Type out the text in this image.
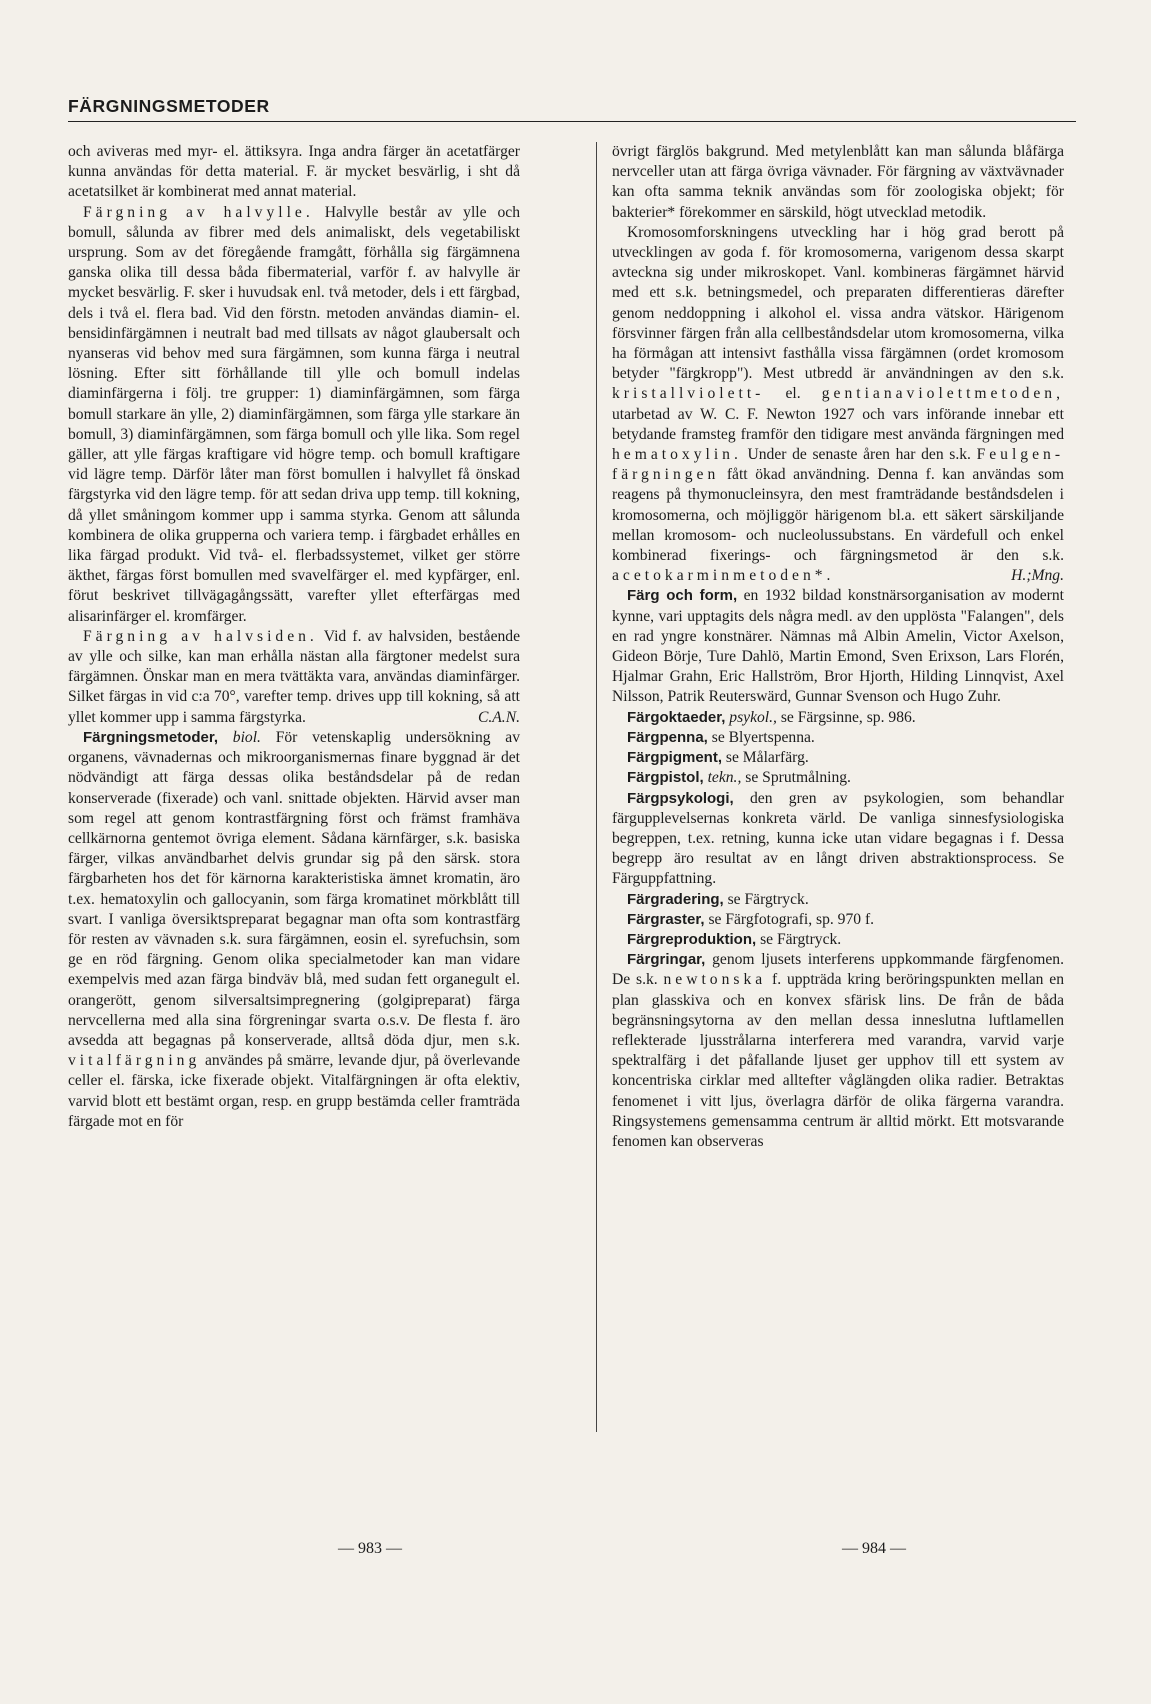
FÄRGNINGSMETODER

och aviveras med myr- el. ättiksyra. Inga andra färger än acetatfärger kunna användas för detta material. F. är mycket besvärlig, i sht då acetatsilket är kombinerat med annat material.

Färgning av halvylle. Halvylle består av ylle och bomull, sålunda av fibrer med dels animaliskt, dels vegetabiliskt ursprung. Som av det föregående framgått, förhålla sig färgämnena ganska olika till dessa båda fibermaterial, varför f. av halvylle är mycket besvärlig. F. sker i huvudsak enl. två metoder, dels i ett färgbad, dels i två el. flera bad. Vid den förstn. metoden användas diamin- el. bensidinfärgämnen i neutralt bad med tillsats av något glaubersalt och nyanseras vid behov med sura färgämnen, som kunna färga i neutral lösning. Efter sitt förhållande till ylle och bomull indelas diaminfärgerna i följ. tre grupper: 1) diaminfärgämnen, som färga bomull starkare än ylle, 2) diaminfärgämnen, som färga ylle starkare än bomull, 3) diaminfärgämnen, som färga bomull och ylle lika. Som regel gäller, att ylle färgas kraftigare vid högre temp. och bomull kraftigare vid lägre temp. Därför låter man först bomullen i halvyllet få önskad färgstyrka vid den lägre temp. för att sedan driva upp temp. till kokning, då yllet småningom kommer upp i samma styrka. Genom att sålunda kombinera de olika grupperna och variera temp. i färgbadet erhålles en lika färgad produkt. Vid två- el. flerbadssystemet, vilket ger större äkthet, färgas först bomullen med svavelfärger el. med kypfärger, enl. förut beskrivet tillvägagångssätt, varefter yllet efterfärgas med alisarinfärger el. kromfärger.

Färgning av halvsiden. Vid f. av halvsiden, bestående av ylle och silke, kan man erhålla nästan alla färgtoner medelst sura färgämnen. Önskar man en mera tvättäkta vara, användas diaminfärger. Silket färgas in vid c:a 70°, varefter temp. drives upp till kokning, så att yllet kommer upp i samma färgstyrka.	C.A.N.

Färgningsmetoder, biol. För vetenskaplig undersökning av organens, vävnadernas och mikroorganismernas finare byggnad är det nödvändigt att färga dessas olika beståndsdelar på de redan konserverade (fixerade) och vanl. snittade objekten. Härvid avser man som regel att genom kontrastfärgning först och främst framhäva cellkärnorna gentemot övriga element. Sådana kärnfärger, s.k. basiska färger, vilkas användbarhet delvis grundar sig på den särsk. stora färgbarheten hos det för kärnorna karakteristiska ämnet kromatin, äro t.ex. hematoxylin och gallocyanin, som färga kromatinet mörkblått till svart. I vanliga översiktspreparat begagnar man ofta som kontrastfärg för resten av vävnaden s.k. sura färgämnen, eosin el. syrefuchsin, som ge en röd färgning. Genom olika specialmetoder kan man vidare exempelvis med azan färga bindväv blå, med sudan fett organegult el. orangerött, genom silversaltsimpregnering (golgipreparat) färga nervcellerna med alla sina förgreningar svarta o.s.v. De flesta f. äro avsedda att begagnas på konserverade, alltså döda djur, men s.k. vitalfärgning användes på smärre, levande djur, på överlevande celler el. färska, icke fixerade objekt. Vitalfärgningen är ofta elektiv, varvid blott ett bestämt organ, resp. en grupp bestämda celler framträda färgade mot en för

övrigt färglös bakgrund. Med metylenblått kan man sålunda blåfärga nervceller utan att färga övriga vävnader. För färgning av växtvävnader kan ofta samma teknik användas som för zoologiska objekt; för bakterier* förekommer en särskild, högt utvecklad metodik.

Kromosomforskningens utveckling har i hög grad berott på utvecklingen av goda f. för kromosomerna, varigenom dessa skarpt avteckna sig under mikroskopet. Vanl. kombineras färgämnet härvid med ett s.k. betningsmedel, och preparaten differentieras därefter genom neddoppning i alkohol el. vissa andra vätskor. Härigenom försvinner färgen från alla cellbeståndsdelar utom kromosomerna, vilka ha förmågan att intensivt fasthålla vissa färgämnen (ordet kromosom betyder "färgkropp"). Mest utbredd är användningen av den s.k. kristallviolett- el. gentianaviolettmetoden, utarbetad av W. C. F. Newton 1927 och vars införande innebar ett betydande framsteg framför den tidigare mest använda färgningen med hematoxylin. Under de senaste åren har den s.k. Feulgen-färgningen fått ökad användning. Denna f. kan användas som reagens på thymonucleinsyra, den mest framträdande beståndsdelen i kromosomerna, och möjliggör härigenom bl.a. ett säkert särskiljande mellan kromosom- och nucleolussubstans. En värdefull och enkel kombinerad fixerings- och färgningsmetod är den s.k. acetokarminmetoden*.	H.;Mng.

Färg och form, en 1932 bildad konstnärsorganisation av modernt kynne, vari upptagits dels några medl. av den upplösta "Falangen", dels en rad yngre konstnärer. Nämnas må Albin Amelin, Victor Axelson, Gideon Börje, Ture Dahlö, Martin Emond, Sven Erixson, Lars Florén, Hjalmar Grahn, Eric Hallström, Bror Hjorth, Hilding Linnqvist, Axel Nilsson, Patrik Reuterswärd, Gunnar Svenson och Hugo Zuhr.

Färgoktaeder, psykol., se Färgsinne, sp. 986.

Färgpenna, se Blyertspenna.

Färgpigment, se Målarfärg.

Färgpistol, tekn., se Sprutmålning.

Färgpsykologi, den gren av psykologien, som behandlar färgupplevelsernas konkreta värld. De vanliga sinnesfysiologiska begreppen, t.ex. retning, kunna icke utan vidare begagnas i f. Dessa begrepp äro resultat av en långt driven abstraktionsprocess. Se Färguppfattning.

Färgradering, se Färgtryck.

Färgraster, se Färgfotografi, sp. 970 f.

Färgreproduktion, se Färgtryck.

Färgringar, genom ljusets interferens uppkommande färgfenomen. De s.k. newtonska f. uppträda kring beröringspunkten mellan en plan glasskiva och en konvex sfärisk lins. De från de båda begränsningsytorna av den mellan dessa inneslutna luftlamellen reflekterade ljusstrålarna interferera med varandra, varvid varje spektralfärg i det påfallande ljuset ger upphov till ett system av koncentriska cirklar med alltefter våglängden olika radier. Betraktas fenomenet i vitt ljus, överlagra därför de olika färgerna varandra. Ringsystemens gemensamma centrum är alltid mörkt. Ett motsvarande fenomen kan observeras

— 983 —	— 984 —
